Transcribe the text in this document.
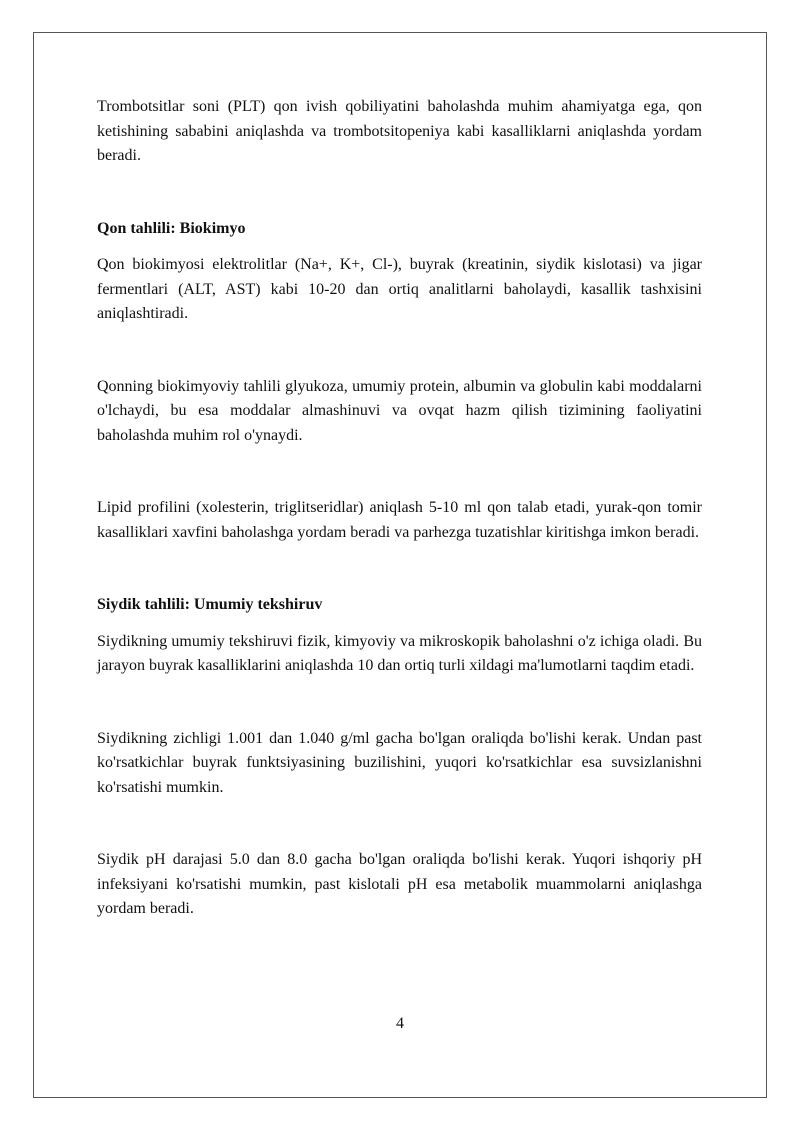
Trombotsitlar soni (PLT) qon ivish qobiliyatini baholashda muhim ahamiyatga ega, qon ketishining sababini aniqlashda va trombotsitopeniya kabi kasalliklarni aniqlashda yordam beradi.

Qon tahlili: Biokimyo

Qon biokimyosi elektrolitlar (Na+, K+, Cl-), buyrak (kreatinin, siydik kislotasi) va jigar fermentlari (ALT, AST) kabi 10-20 dan ortiq analitlarni baholaydi, kasallik tashxisini aniqlashtiradi.

Qonning biokimyoviy tahlili glyukoza, umumiy protein, albumin va globulin kabi moddalarni o'lchaydi, bu esa moddalar almashinuvi va ovqat hazm qilish tizimining faoliyatini baholashda muhim rol o'ynaydi.

Lipid profilini (xolesterin, triglitseridlar) aniqlash 5-10 ml qon talab etadi, yurak-qon tomir kasalliklari xavfini baholashga yordam beradi va parhezga tuzatishlar kiritishga imkon beradi.

Siydik tahlili: Umumiy tekshiruv

Siydikning umumiy tekshiruvi fizik, kimyoviy va mikroskopik baholashni o'z ichiga oladi. Bu jarayon buyrak kasalliklarini aniqlashda 10 dan ortiq turli xildagi ma'lumotlarni taqdim etadi.

Siydikning zichligi 1.001 dan 1.040 g/ml gacha bo'lgan oraliqda bo'lishi kerak. Undan past ko'rsatkichlar buyrak funktsiyasining buzilishini, yuqori ko'rsatkichlar esa suvsizlanishni ko'rsatishi mumkin.

Siydik pH darajasi 5.0 dan 8.0 gacha bo'lgan oraliqda bo'lishi kerak. Yuqori ishqoriy pH infeksiyani ko'rsatishi mumkin, past kislotali pH esa metabolik muammolarni aniqlashga yordam beradi.

4
